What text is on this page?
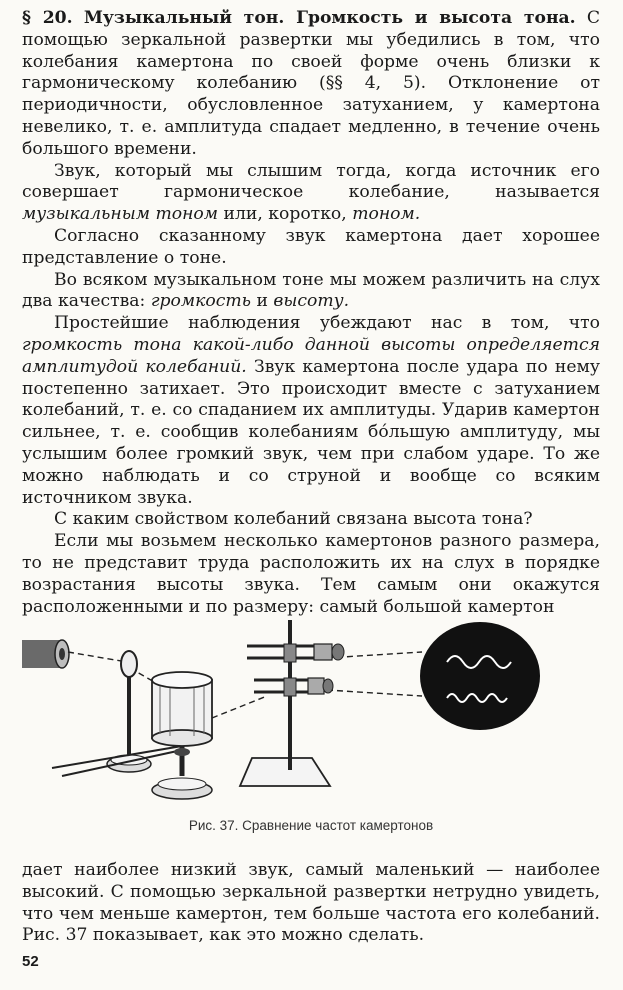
§ 20. Музыкальный тон. Громкость и высота тона. С помощью зеркальной развертки мы убедились в том, что колебания камертона по своей форме очень близки к гармоническому колебанию (§§ 4, 5). Отклонение от периодичности, обусловленное затуханием, у камертона невелико, т. е. амплитуда спадает медленно, в течение очень большого времени.

Звук, который мы слышим тогда, когда источник его совершает гармоническое колебание, называется музыкальным тоном или, коротко, тоном.

Согласно сказанному звук камертона дает хорошее представление о тоне.

Во всяком музыкальном тоне мы можем различить на слух два качества: громкость и высоту.

Простейшие наблюдения убеждают нас в том, что громкость тона какой-либо данной высоты определяется амплитудой колебаний. Звук камертона после удара по нему постепенно затихает. Это происходит вместе с затуханием колебаний, т. е. со спаданием их амплитуды. Ударив камертон сильнее, т. е. сообщив колебаниям бо́льшую амплитуду, мы услышим более громкий звук, чем при слабом ударе. То же можно наблюдать и со струной и вообще со всяким источником звука.

С каким свойством колебаний связана высота тона?

Если мы возьмем несколько камертонов разного размера, то не представит труда расположить их на слух в порядке возрастания высоты звука. Тем самым они окажутся расположенными и по размеру: самый большой камертон

Рис. 37. Сравнение частот камертонов

дает наиболее низкий звук, самый маленький — наиболее высокий. С помощью зеркальной развертки нетрудно увидеть, что чем меньше камертон, тем больше частота его колебаний. Рис. 37 показывает, как это можно сделать.

52
